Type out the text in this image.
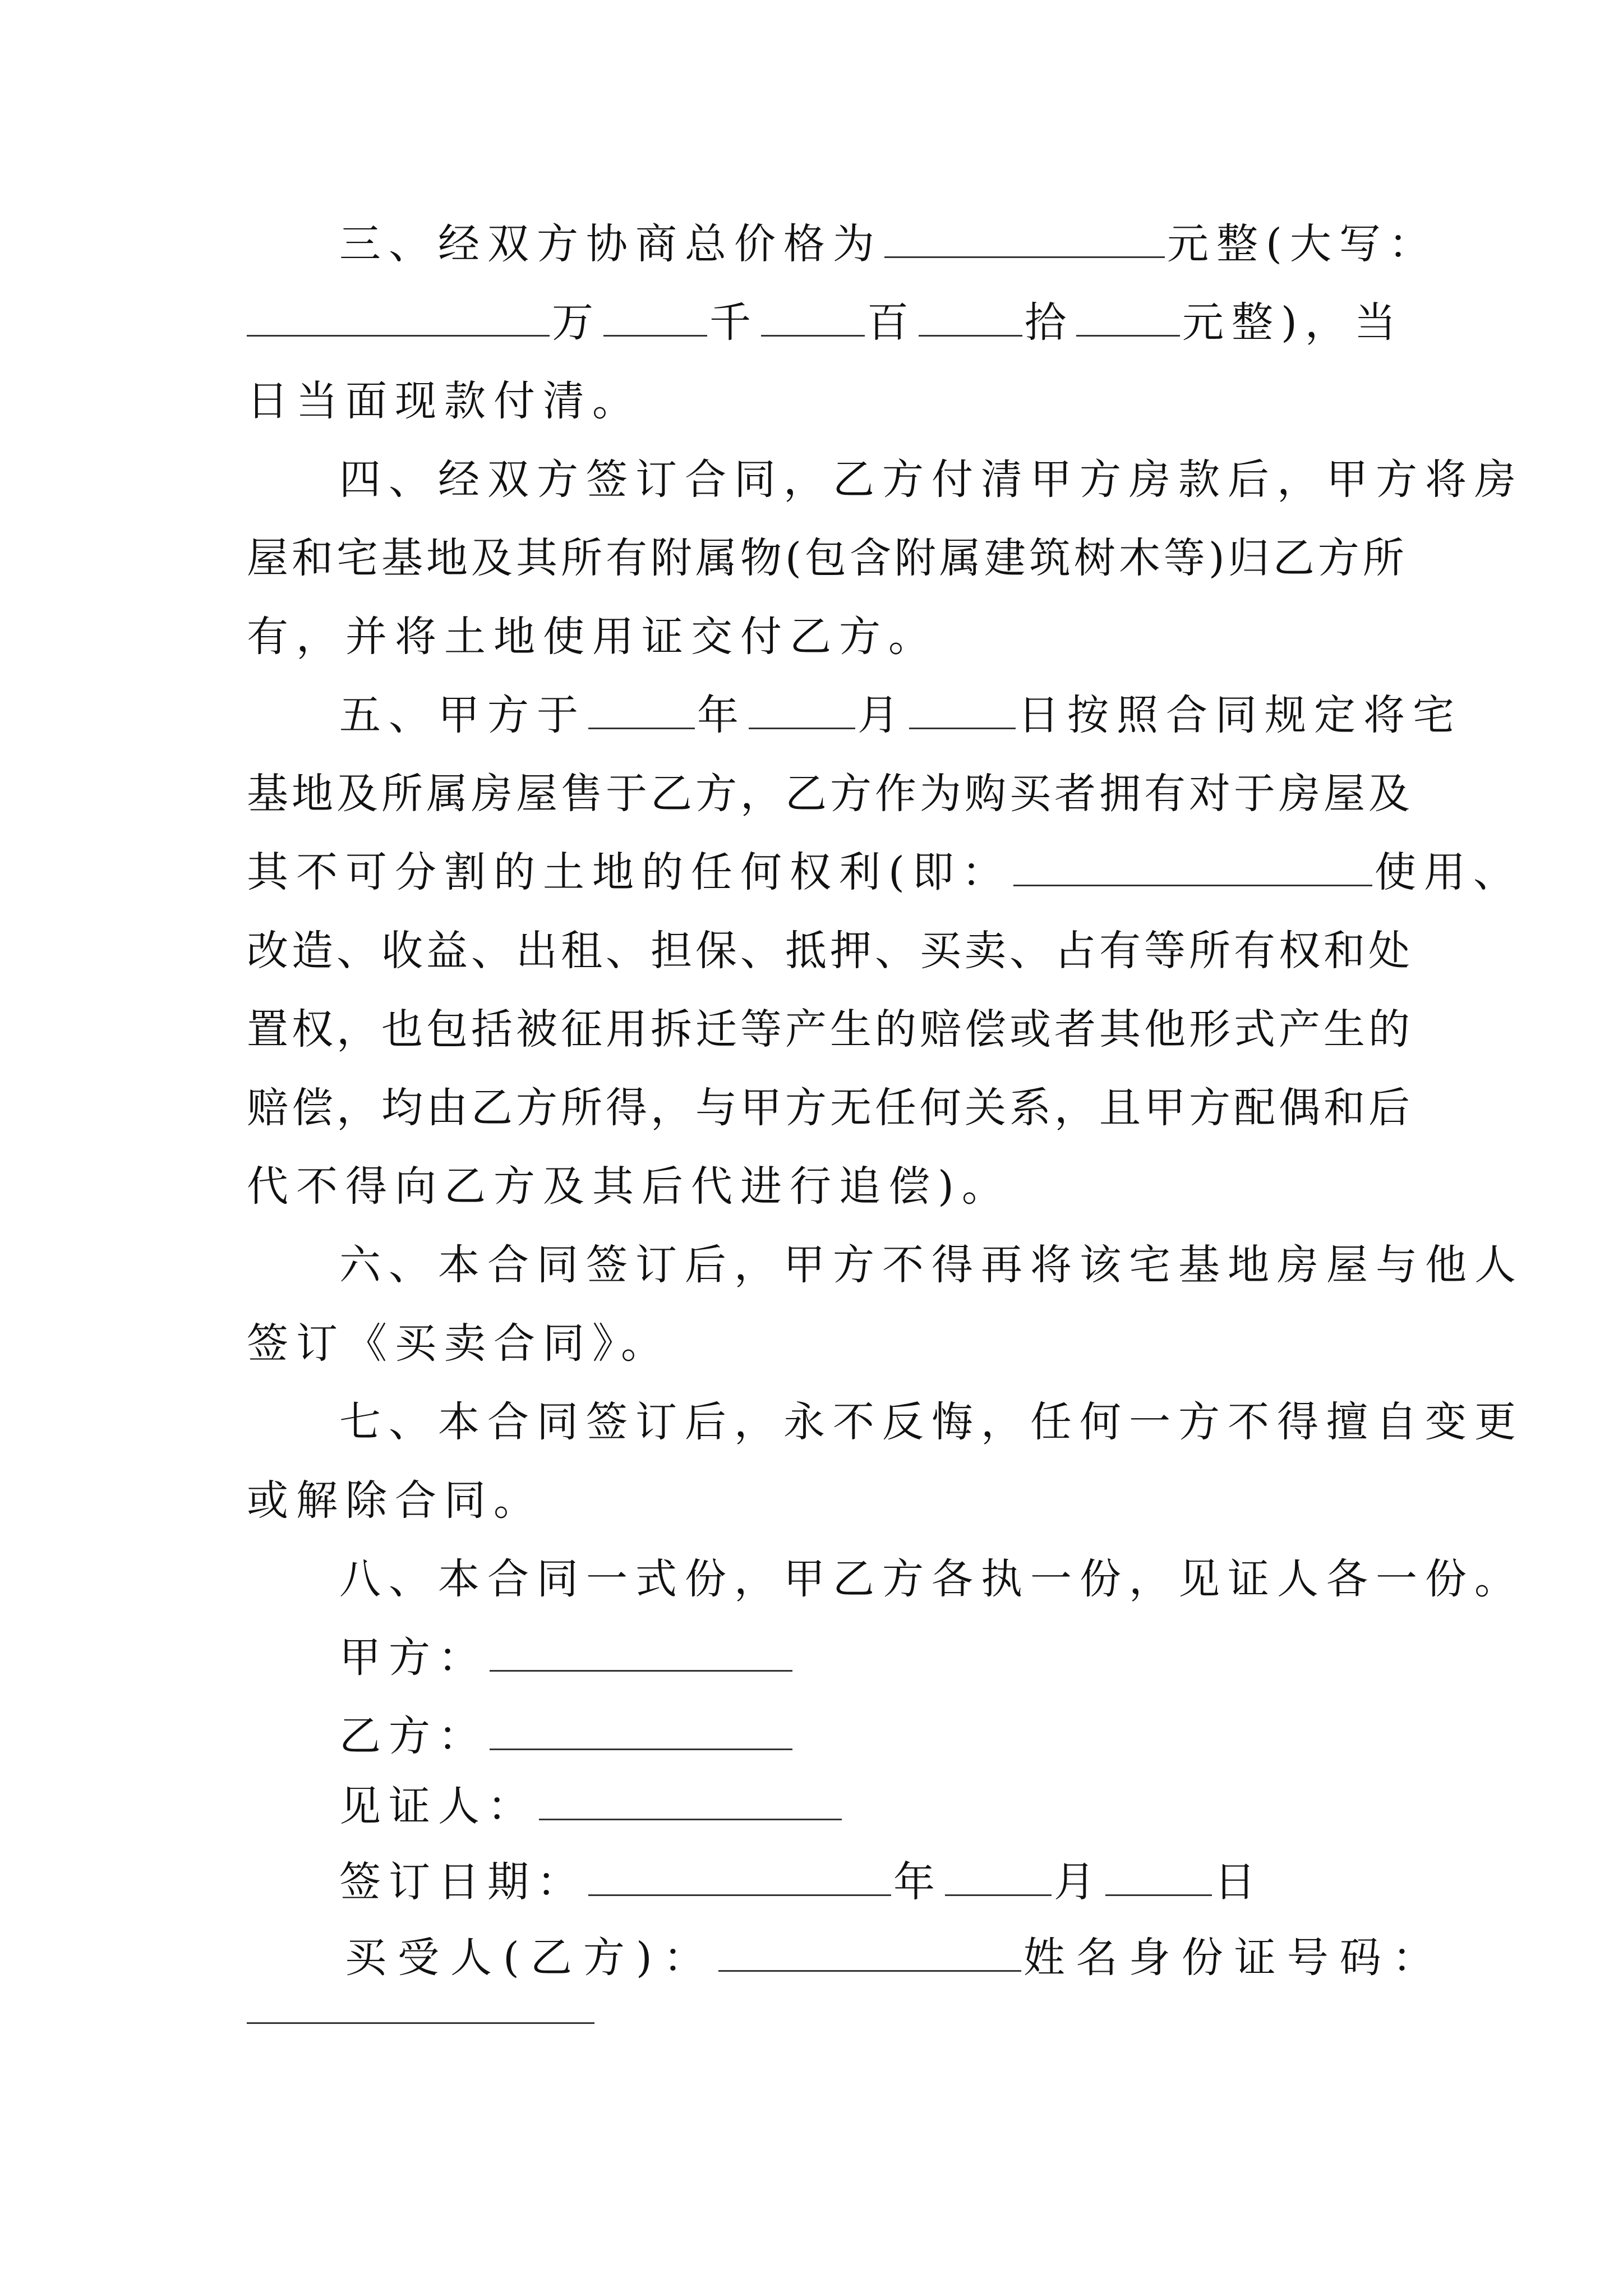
三、经双方协商总价格为	元整(大写：
万	千	百	拾	元整)，当
日当面现款付清。
四、经双方签订合同，乙方付清甲方房款后，甲方将房
屋和宅基地及其所有附属物(包含附属建筑树木等)归乙方所
有，并将土地使用证交付乙方。
五、甲方于	年	月	日按照合同规定将宅
基地及所属房屋售于乙方，乙方作为购买者拥有对于房屋及
其不可分割的土地的任何权利(即：	使用、
改造、收益、出租、担保、抵押、买卖、占有等所有权和处
置权，也包括被征用拆迁等产生的赔偿或者其他形式产生的
赔偿，均由乙方所得，与甲方无任何关系，且甲方配偶和后
代不得向乙方及其后代进行追偿)。
六、本合同签订后，甲方不得再将该宅基地房屋与他人
签订《买卖合同》。
七、本合同签订后，永不反悔，任何一方不得擅自变更
或解除合同。
八、本合同一式份，甲乙方各执一份，见证人各一份。
甲方：
乙方：
见证人：
签订日期：	年	月	日
买受人(乙方)：	姓名身份证号码：
